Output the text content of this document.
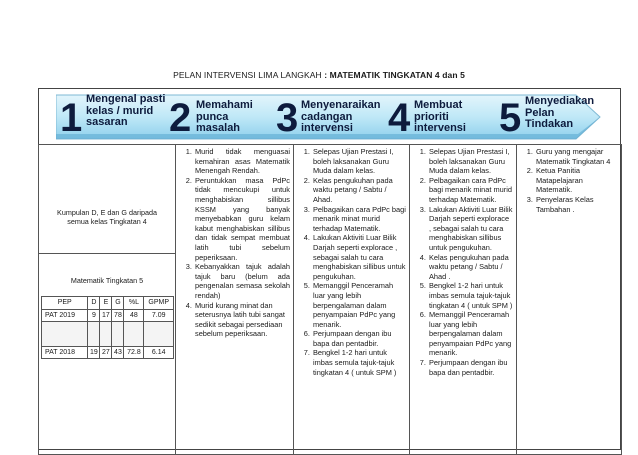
PELAN INTERVENSI LIMA LANGKAH : MATEMATIK TINGKATAN 4 dan 5
1 Mengenal pasti kelas / murid sasaran	2 Memahami punca masalah 3 Menyenaraikan cadangan intervensi 4 Membuat prioriti intervensi 5 Menyediakan Pelan Tindakan
Kumpulan D, E dan G daripada
semua kelas Tingkatan 4

1. Murid tidak menguasai kemahiran asas Matematik Menengah Rendah.
2. Peruntukkan masa PdPc tidak mencukupi untuk menghabiskan sillibus KSSM yang banyak menyebabkan guru kelam kabut menghabiskan sillibus dan tidak sempat membuat latih tubi sebelum peperiksaan.
3. Kebanyakkan tajuk adalah tajuk baru (belum ada pengenalan semasa sekolah rendah)
4. Murid kurang minat dan seterusnya latih tubi sangat sedikit sebagai persediaan sebelum peperiksaan.

1. Selepas Ujian Prestasi I, boleh laksanakan Guru Muda dalam kelas.
2. Kelas pengukuhan pada waktu petang / Sabtu / Ahad.
3. Pelbagaikan cara PdPc bagi menarik minat murid terhadap Matematik.
4. Lakukan Aktiviti Luar Bilik Darjah seperti explorace , sebagai salah tu cara menghabiskan sillibus untuk pengukuhan.
5. Memanggil Penceramah luar yang lebih berpengalaman dalam penyampaian PdPc yang menarik.
6. Perjumpaan dengan ibu bapa dan pentadbir.
7. Bengkel 1-2 hari untuk imbas semula tajuk-tajuk tingkatan 4 ( untuk SPM )

1. Selepas Ujian Prestasi I, boleh laksanakan Guru Muda dalam kelas.
2. Pelbagaikan cara PdPc bagi menarik minat murid terhadap Matematik.
3. Lakukan Aktiviti Luar Bilik Darjah seperti explorace , sebagai salah tu cara menghabiskan sillibus untuk pengukuhan.
4. Kelas pengukuhan pada waktu petang / Sabtu / Ahad .
5. Bengkel 1-2 hari untuk imbas semula tajuk-tajuk tingkatan 4 ( untuk SPM )
6. Memanggil Penceramah luar yang lebih berpengalaman dalam penyampaian PdPc yang menarik.
7. Perjumpaan dengan ibu bapa dan pentadbir.

1. Guru yang mengajar Matematik Tingkatan 4
2. Ketua Panitia Matapelajaran Matematik.
3. Penyelaras Kelas Tambahan .

Matematik Tingkatan 5
PEP	D	E	G	%L	GPMP
PAT 2019	9	17	78	48	7.09

PAT 2018	19	27	43	72.8	6.14
